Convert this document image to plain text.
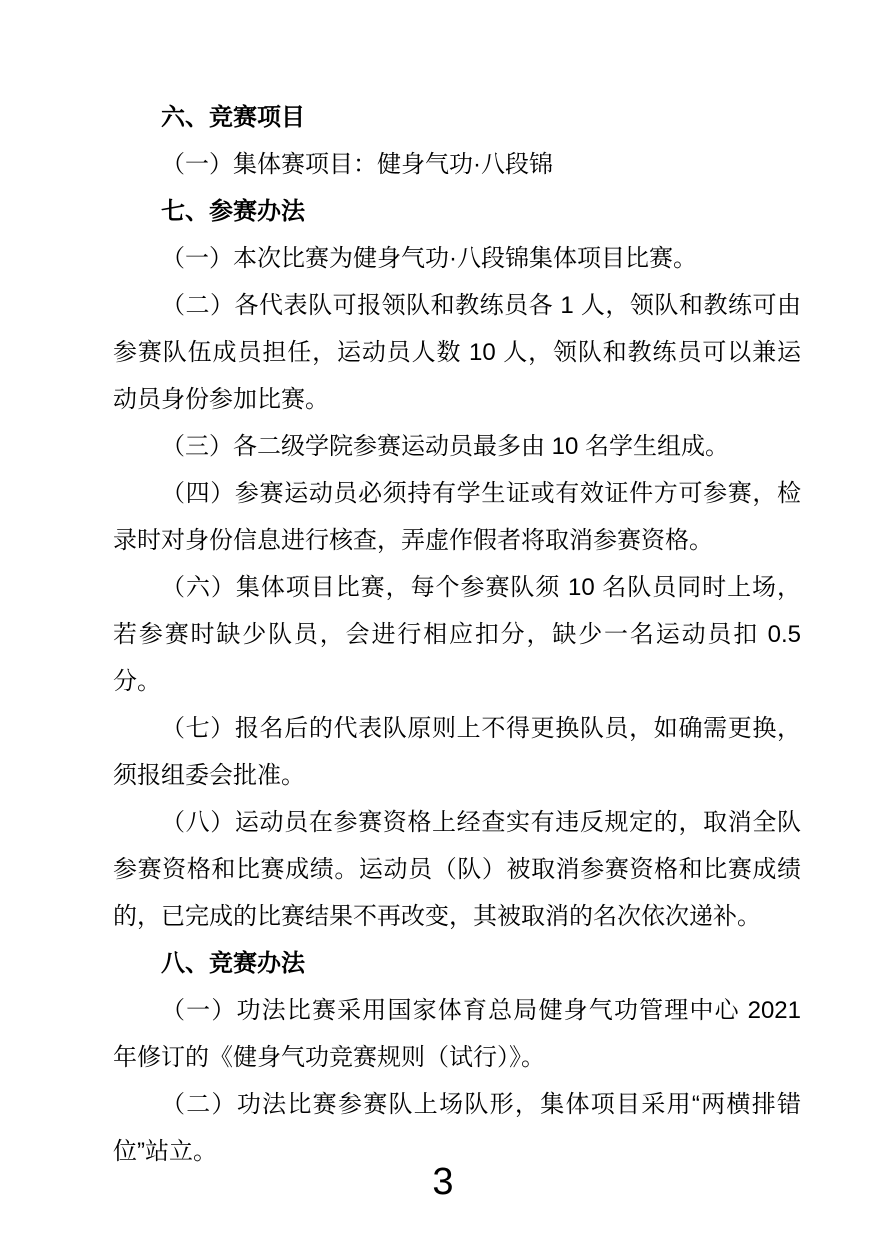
六、竞赛项目

（一）集体赛项目：健身气功·八段锦

七、参赛办法

（一）本次比赛为健身气功·八段锦集体项目比赛。

（二）各代表队可报领队和教练员各 1 人，领队和教练可由参赛队伍成员担任，运动员人数 10 人，领队和教练员可以兼运动员身份参加比赛。

（三）各二级学院参赛运动员最多由 10 名学生组成。

（四）参赛运动员必须持有学生证或有效证件方可参赛，检录时对身份信息进行核查，弄虚作假者将取消参赛资格。

（六）集体项目比赛，每个参赛队须 10 名队员同时上场，若参赛时缺少队员，会进行相应扣分，缺少一名运动员扣 0.5 分。

（七）报名后的代表队原则上不得更换队员，如确需更换，须报组委会批准。

（八）运动员在参赛资格上经查实有违反规定的，取消全队参赛资格和比赛成绩。运动员（队）被取消参赛资格和比赛成绩的，已完成的比赛结果不再改变，其被取消的名次依次递补。

八、竞赛办法

（一）功法比赛采用国家体育总局健身气功管理中心 2021 年修订的《健身气功竞赛规则（试行）》。

（二）功法比赛参赛队上场队形，集体项目采用“两横排错位”站立。

3
